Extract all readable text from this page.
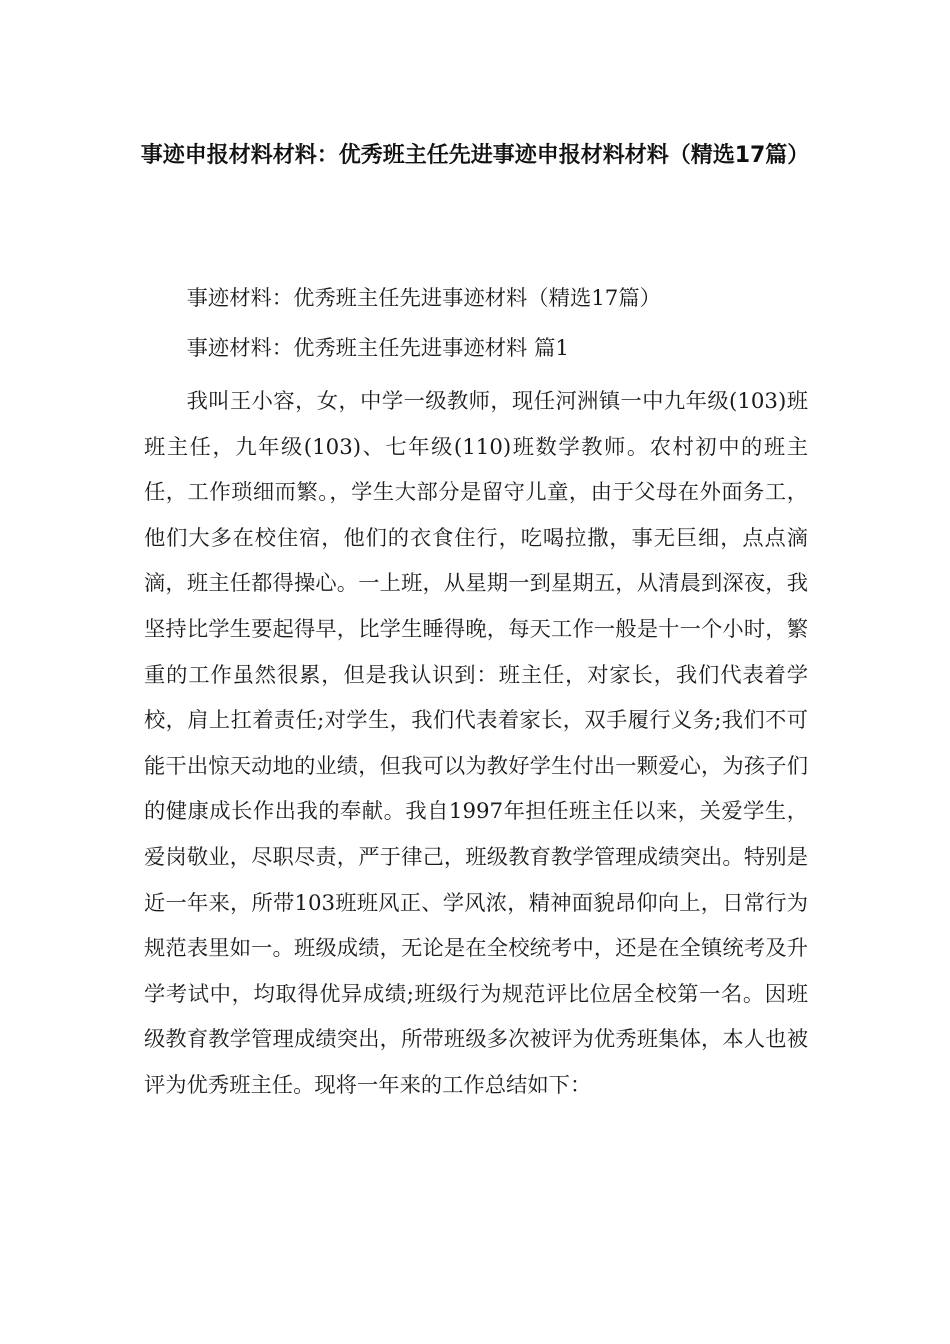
事迹申报材料材料：优秀班主任先进事迹申报材料材料（精选17篇）

事迹材料：优秀班主任先进事迹材料（精选17篇）

事迹材料：优秀班主任先进事迹材料 篇1

我叫王小容，女，中学一级教师，现任河洲镇一中九年级(103)班班主任，九年级(103)、七年级(110)班数学教师。农村初中的班主任，工作琐细而繁。，学生大部分是留守儿童，由于父母在外面务工，他们大多在校住宿，他们的衣食住行，吃喝拉撒，事无巨细，点点滴滴，班主任都得操心。一上班，从星期一到星期五，从清晨到深夜，我坚持比学生要起得早，比学生睡得晚，每天工作一般是十一个小时，繁重的工作虽然很累，但是我认识到：班主任，对家长，我们代表着学校，肩上扛着责任;对学生，我们代表着家长，双手履行义务;我们不可能干出惊天动地的业绩，但我可以为教好学生付出一颗爱心，为孩子们的健康成长作出我的奉献。我自1997年担任班主任以来，关爱学生，爱岗敬业，尽职尽责，严于律己，班级教育教学管理成绩突出。特别是近一年来，所带103班班风正、学风浓，精神面貌昂仰向上，日常行为规范表里如一。班级成绩，无论是在全校统考中，还是在全镇统考及升学考试中，均取得优异成绩;班级行为规范评比位居全校第一名。因班级教育教学管理成绩突出，所带班级多次被评为优秀班集体，本人也被评为优秀班主任。现将一年来的工作总结如下：
